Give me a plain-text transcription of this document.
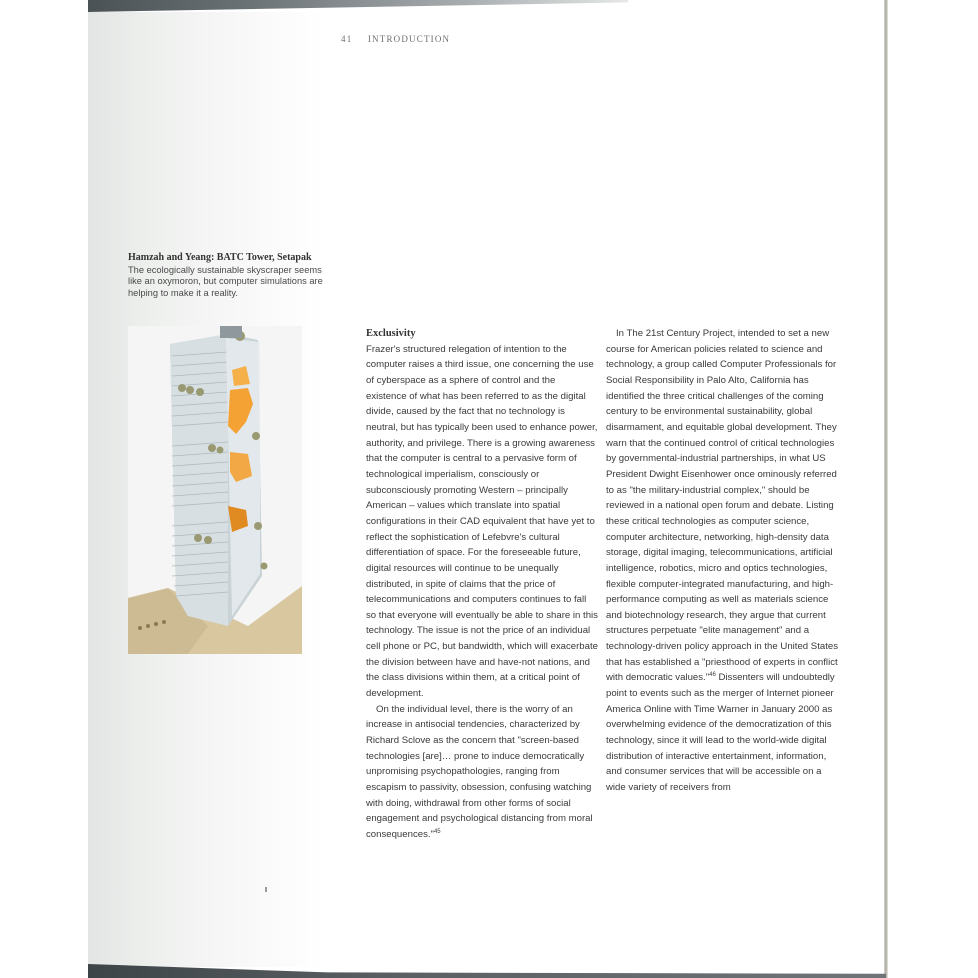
41 INTRODUCTION
Hamzah and Yeang: BATC Tower, Setapak
The ecologically sustainable skyscraper seems like an oxymoron, but computer simulations are helping to make it a reality.

Exclusivity

Frazer's structured relegation of intention to the computer raises a third issue, one concerning the use of cyberspace as a sphere of control and the existence of what has been referred to as the digital divide, caused by the fact that no technology is neutral, but has typically been used to enhance power, authority, and privilege. There is a growing awareness that the computer is central to a pervasive form of technological imperialism, consciously or subconsciously promoting Western – principally American – values which translate into spatial configurations in their CAD equivalent that have yet to reflect the sophistication of Lefebvre's cultural differentiation of space. For the foreseeable future, digital resources will continue to be unequally distributed, in spite of claims that the price of telecommunications and computers continues to fall so that everyone will eventually be able to share in this technology. The issue is not the price of an individual cell phone or PC, but bandwidth, which will exacerbate the division between have and have-not nations, and the class divisions within them, at a critical point of development.

On the individual level, there is the worry of an increase in antisocial tendencies, characterized by Richard Sclove as the concern that "screen-based technologies [are]… prone to induce democratically unpromising psychopathologies, ranging from escapism to passivity, obsession, confusing watching with doing, withdrawal from other forms of social engagement and psychological distancing from moral consequences."$^{45}$

In The 21st Century Project, intended to set a new course for American policies related to science and technology, a group called Computer Professionals for Social Responsibility in Palo Alto, California has identified the three critical challenges of the coming century to be environmental sustainability, global disarmament, and equitable global development. They warn that the continued control of critical technologies by governmental-industrial partnerships, in what US President Dwight Eisenhower once ominously referred to as "the military-industrial complex," should be reviewed in a national open forum and debate. Listing these critical technologies as computer science, computer architecture, networking, high-density data storage, digital imaging, telecommunications, artificial intelligence, robotics, micro and optics technologies, flexible computer-integrated manufacturing, and high-performance computing as well as materials science and biotechnology research, they argue that current structures perpetuate "elite management" and a technology-driven policy approach in the United States that has established a "priesthood of experts in conflict with democratic values."$^{46}$ Dissenters will undoubtedly point to events such as the merger of Internet pioneer America Online with Time Warner in January 2000 as overwhelming evidence of the democratization of this technology, since it will lead to the world-wide digital distribution of interactive entertainment, information, and consumer services that will be accessible on a wide variety of receivers from
